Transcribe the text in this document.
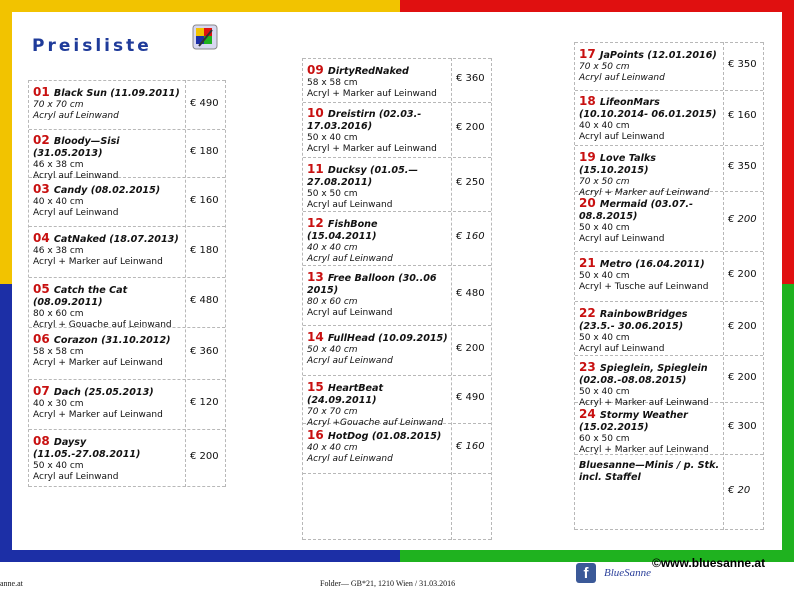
Preisliste
01 Black Sun (11.09.2011)
70 x 70 cm
Acryl auf Leinwand
€ 490
02 Bloody—Sisi (31.05.2013)
46 x 38 cm
Acryl auf Leinwand
€ 180
03 Candy (08.02.2015)
40 x 40 cm
Acryl auf Leinwand
€ 160
04 CatNaked (18.07.2013)
46 x 38 cm
Acryl + Marker auf Leinwand
€ 180
05 Catch the Cat (08.09.2011)
80 x 60 cm
Acryl + Gouache auf Leinwand
€ 480
06 Corazon (31.10.2012)
58 x 58 cm
Acryl + Marker auf Leinwand
€ 360
07 Dach (25.05.2013)
40 x 30 cm
Acryl + Marker auf Leinwand
€ 120
08 Daysy (11.05.-27.08.2011)
50 x 40 cm
Acryl auf Leinwand
€ 200
09 DirtyRedNaked
58 x 58 cm
Acryl + Marker auf Leinwand
€ 360
10 Dreistirn (02.03.- 17.03.2016)
50 x 40 cm
Acryl + Marker auf Leinwand
€ 200
11 Ducksy (01.05.— 27.08.2011)
50 x 50 cm
Acryl auf Leinwand
€ 250
12 FishBone (15.04.2011)
40 x 40 cm
Acryl auf Leinwand
€ 160
13 Free Balloon (30..06 2015)
80 x 60 cm
Acryl auf Leinwand
€ 480
14 FullHead (10.09.2015)
50 x 40 cm
Acryl auf Leinwand
€ 200
15 HeartBeat (24.09.2011)
70 x 70 cm
Acryl +Gouache auf Leinwand
€ 490
16 HotDog (01.08.2015)
40 x 40 cm
Acryl auf Leinwand
€ 160
17 JaPoints (12.01.2016)
70 x 50 cm
Acryl auf Leinwand
€ 350
18 LifeonMars (10.10.2014- 06.01.2015)
40 x 40 cm
Acryl auf Leinwand
€ 160
19 Love Talks (15.10.2015)
70 x 50 cm
Acryl + Marker auf Leinwand
€ 350
20 Mermaid (03.07.- 08.8.2015)
50 x 40 cm
Acryl auf Leinwand
€ 200
21 Metro (16.04.2011)
50 x 40 cm
Acryl + Tusche auf Leinwand
€ 200
22 RainbowBridges (23.5.- 30.06.2015)
50 x 40 cm
Acryl auf Leinwand
€ 200
23 Spieglein, Spieglein (02.08.-08.08.2015)
50 x 40 cm
Acryl + Marker auf Leinwand
€ 200
24 Stormy Weather (15.02.2015)
60 x 50 cm
Acryl + Marker auf Leinwand
€ 300
Bluesanne—Minis / p. Stk. incl. Staffel
€ 20
©www.bluesanne.at
f	BlueSanne
anne.at	Folder— GB*21, 1210 Wien / 31.03.2016
